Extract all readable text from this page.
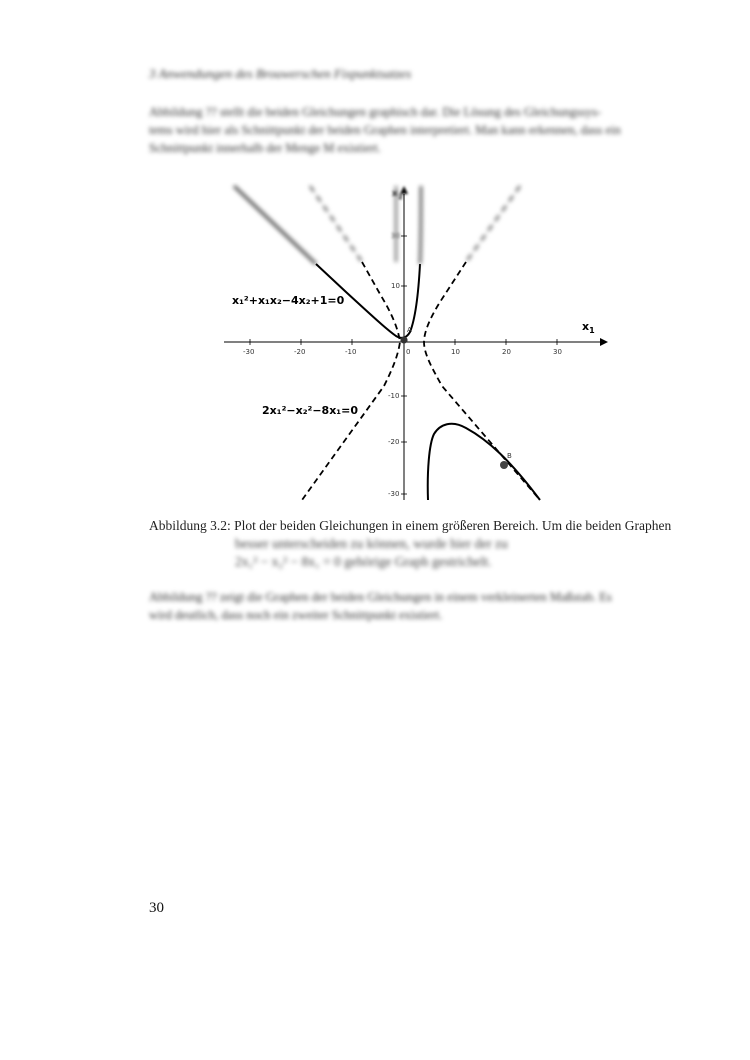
3 Anwendungen des Brouwerschen Fixpunktsatzes
Abbildung ?? stellt die beiden Gleichungen graphisch dar. Die Lösung des Gleichungssys-
tems wird hier als Schnittpunkt der beiden Graphen interpretiert. Man kann erkennen, dass ein
Schnittpunkt innerhalb der Menge M existiert.
-30	-20	-10	0	10	20	30
30
10
-10
-20
-30
$x_1$
$x_2$
A
B
x₁²+x₁x₂−4x₂+1=0
2x₁²−x₂²−8x₁=0
Abbildung 3.2: Plot der beiden Gleichungen in einem größeren Bereich. Um die beiden Graphen
besser unterscheiden zu können, wurde hier der zu
2x₁² − x₂² − 8x₁ = 0 gehörige Graph gestrichelt.
Abbildung ?? zeigt die Graphen der beiden Gleichungen in einem verkleinerten Maßstab. Es
wird deutlich, dass noch ein zweiter Schnittpunkt existiert.
30
